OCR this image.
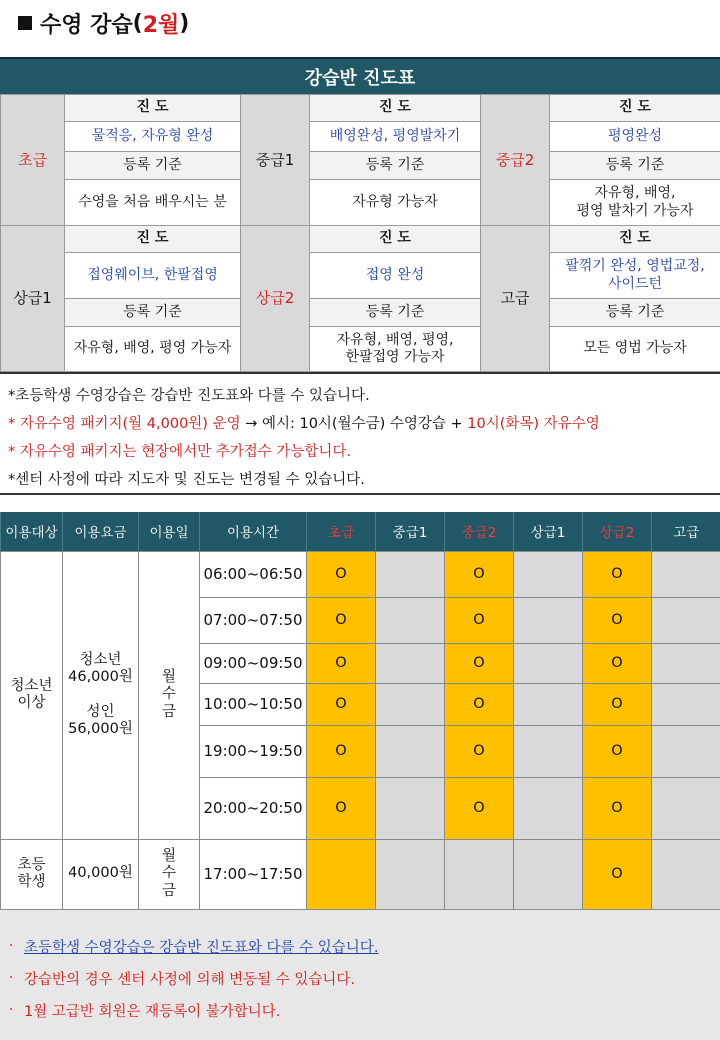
수영 강습 ( 2월 )
강습반 진도표
초급	진 도	중급1	진 도	중급2	진 도
	물적응, 자유형 완성		배영완성, 평영발차기		평영완성
	등록 기준		등록 기준		등록 기준
	수영을 처음 배우시는 분		자유형 가능자		자유형, 배영,
평영 발차기 가능자
상급1	진 도	상급2	진 도	고급	진 도
	접영웨이브, 한팔접영		접영 완성		팔꺾기 완성, 영법교정,
사이드턴
	등록 기준		등록 기준		등록 기준
	자유형, 배영, 평영 가능자		자유형, 배영, 평영,
한팔접영 가능자		모든 영법 가능자
*초등학생 수영강습은 강습반 진도표와 다를 수 있습니다.
* 자유수영 패키지(월 4,000원) 운영
→ 예시: 10시(월수금) 수영강습 +
10시(화목) 자유수영
* 자유수영 패키지는 현장에서만 추가접수 가능합니다.
*센터 사정에 따라 지도자 및 진도는 변경될 수 있습니다.
이용대상	이용요금	이용일	이용시간	초급	중급1	중급2	상급1	상급2	고급
청소년
이상	청소년
46,000원

성인
56,000원	월
수
금	06:00~06:50	O		O		O	
			07:00~07:50	O		O		O	
			09:00~09:50	O		O		O	
			10:00~10:50	O		O		O	
			19:00~19:50	O		O		O	
			20:00~20:50	O		O		O	
초등
학생	40,000원	월
수
금	17:00~17:50					O	
· 초등학생 수영강습은 강습반 진도표와 다를 수 있습니다.
· 강습반의 경우 센터 사정에 의해 변동될 수 있습니다.
· 1월 고급반 회원은 재등록이 불가합니다.
